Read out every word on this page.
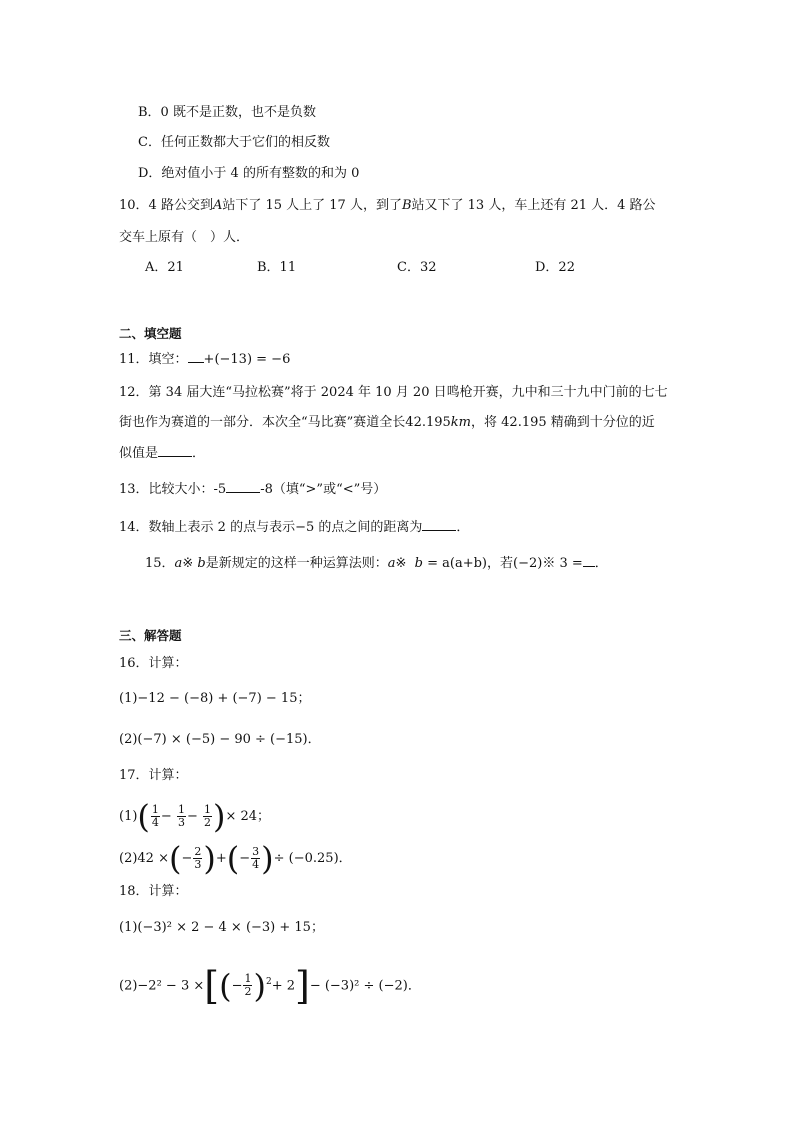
B．0 既不是正数，也不是负数
C．任何正数都大于它们的相反数
D．绝对值小于 4 的所有整数的和为 0
10．4 路公交到A站下了 15 人上了 17 人，到了B站又下了 13 人，车上还有 21 人．4 路公
交车上原有（　）人．
A．21	B．11	C．32	D．22
二、填空题
11．填空： +(−13) = −6
12．第 34 届大连“马拉松赛”将于 2024 年 10 月 20 日鸣枪开赛，九中和三十九中门前的七七
街也作为赛道的一部分．本次全“马比赛”赛道全长42.195km，将 42.195 精确到十分位的近
似值是	．
13．比较大小：-5	-8（填“>”或“<”号）
14．数轴上表示 2 的点与表示−5 的点之间的距离为	．
15．a※ b是新规定的这样一种运算法则：a※ b = a(a+b)，若(−2)※ 3 = ．
三、解答题
16．计算：
(1)−12 − (−8) + (−7) − 15；
(2)(−7) × (−5) − 90 ÷ (−15)．
17．计算：
$(1)( \frac{1}{4} - \frac{1}{3} - \frac{1}{2}$ )× 24；
(2)42 ×(− $\frac{2}{3}$ )+(− $\frac{3}{4}$ )÷ (−0.25)．
18．计算：
(1)(−3)² × 2 − 4 × (−3) + 15；
(2)−2² − 3 ×[(− $\frac{1}{2} )^2+ 2]- (-3)^2 \div (-2)$．
